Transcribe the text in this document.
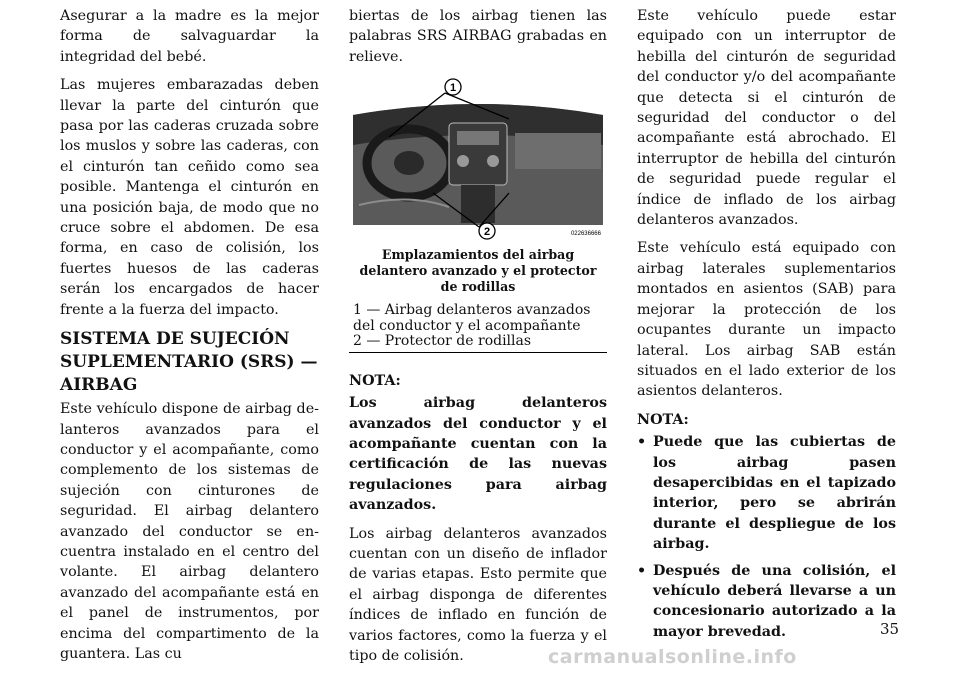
Asegurar a la madre es la mejor forma de salvaguardar la integridad del bebé.

Las mujeres embarazadas deben llevar la parte del cinturón que pasa por las caderas cruzada sobre los muslos y sobre las caderas, con el cinturón tan ceñido como sea posible. Mantenga el cinturón en una posición baja, de modo que no cruce sobre el abdomen. De esa forma, en caso de colisión, los fuertes huesos de las caderas serán los encargados de hacer frente a la fuerza del impacto.

SISTEMA DE SUJECIÓN SUPLEMENTARIO (SRS) — AIRBAG

Este vehículo dispone de airbag delanteros avanzados para el conductor y el acompañante, como complemento de los sistemas de sujeción con cinturones de seguridad. El airbag delantero avanzado del conductor se encuentra instalado en el centro del volante. El airbag delantero avanzado del acompañante está en el panel de instrumentos, por encima del compartimento de la guantera. Las cu

biertas de los airbag tienen las palabras SRS AIRBAG grabadas en relieve.

1
2	022636666
Emplazamientos del airbag delantero avanzado y el protector de rodillas
1 — Airbag delanteros avanzados del conductor y el acompañante
2 — Protector de rodillas
NOTA:

Los airbag delanteros avanzados del conductor y el acompañante cuentan con la certificación de las nuevas regulaciones para airbag avanzados.

Los airbag delanteros avanzados cuentan con un diseño de inflador de varias etapas. Esto permite que el airbag disponga de diferentes índices de inflado en función de varios factores, como la fuerza y el tipo de colisión.

Este vehículo puede estar equipado con un interruptor de hebilla del cinturón de seguridad del conductor y/o del acompañante que detecta si el cinturón de seguridad del conductor o del acompañante está abrochado. El interruptor de hebilla del cinturón de seguridad puede regular el índice de inflado de los airbag delanteros avanzados.

Este vehículo está equipado con airbag laterales suplementarios montados en asientos (SAB) para mejorar la protección de los ocupantes durante un impacto lateral. Los airbag SAB están situados en el lado exterior de los asientos delanteros.

NOTA:
• Puede que las cubiertas de los airbag pasen desapercibidas en el tapizado interior, pero se abrirán durante el despliegue de los airbag.
• Después de una colisión, el vehículo deberá llevarse a un concesionario autorizado a la mayor brevedad.	35
carmanualsonline.info
